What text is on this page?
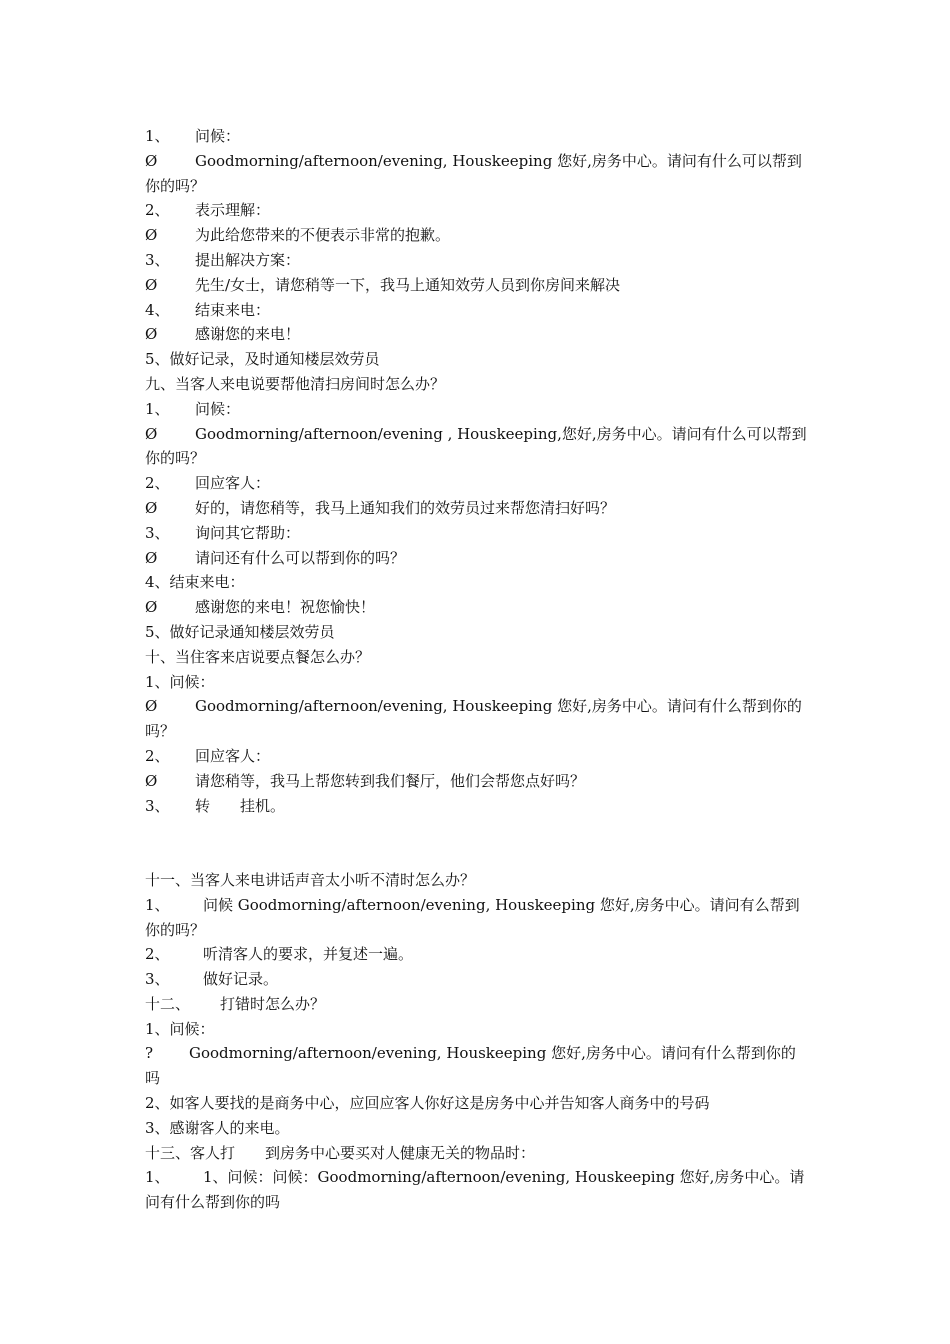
1、 问候：
Ø	Goodmorning/afternoon/evening, Houskeeping 您好,房务中心。请问有什么可以帮到你的吗？
2、 表示理解：
Ø	为此给您带来的不便表示非常的抱歉。
3、 提出解决方案：
Ø	先生/女士，请您稍等一下，我马上通知效劳人员到你房间来解决
4、 结束来电：
Ø	感谢您的来电！
5、做好记录，及时通知楼层效劳员
九、当客人来电说要帮他清扫房间时怎么办？
1、 问候：
Ø	Goodmorning/afternoon/evening , Houskeeping,您好,房务中心。请问有什么可以帮到你的吗？
2、 回应客人：
Ø	好的，请您稍等，我马上通知我们的效劳员过来帮您清扫好吗？
3、 询问其它帮助：
Ø	请问还有什么可以帮到你的吗？
4、结束来电：
Ø	感谢您的来电！祝您愉快！
5、做好记录通知楼层效劳员
十、当住客来店说要点餐怎么办？
1、问候：
Ø	Goodmorning/afternoon/evening, Houskeeping 您好,房务中心。请问有什么帮到你的吗？
2、 回应客人：
Ø	请您稍等，我马上帮您转到我们餐厅，他们会帮您点好吗？
3、 转　　挂机。
十一、当客人来电讲话声音太小听不清时怎么办？
1、 问候 Goodmorning/afternoon/evening, Houskeeping 您好,房务中心。请问有么帮到你的吗？
2、 听清客人的要求，并复述一遍。
3、 做好记录。
十二、 打错时怎么办？
1、问候：
? Goodmorning/afternoon/evening, Houskeeping 您好,房务中心。请问有什么帮到你的吗
2、如客人要找的是商务中心，应回应客人你好这是房务中心并告知客人商务中的号码
3、感谢客人的来电。
十三、客人打　　到房务中心要买对人健康无关的物品时：
1、 1、问候：问候：Goodmorning/afternoon/evening, Houskeeping 您好,房务中心。请问有什么帮到你的吗
